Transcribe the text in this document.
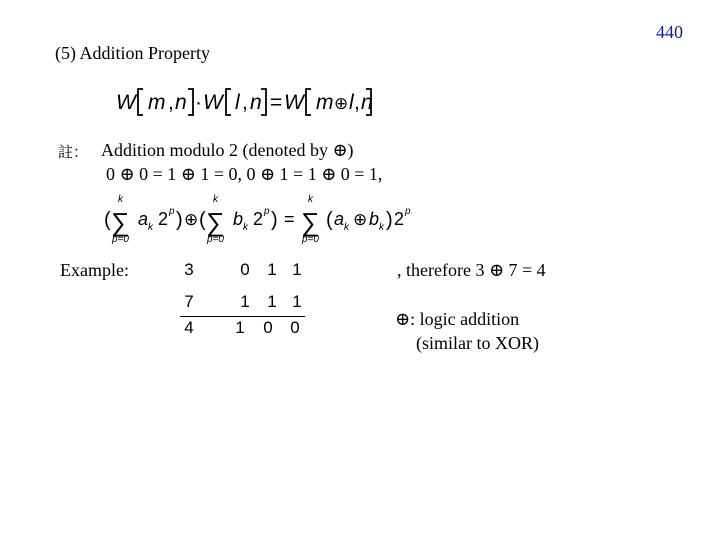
440
(5) Addition Property
W m , n · W l , n = W m ⊕ l , n
註： Addition modulo 2 (denoted by ⊕)
0 ⊕ 0 = 1 ⊕ 1 = 0, 0 ⊕ 1 = 1 ⊕ 0 = 1,
(
k
∑
p=0
a k 2 p ) ⊕ (
k
∑
p=0
b k 2 p ) =
k
∑
p=0
( a k ⊕ b k ) 2 p
Example:	3	0	1 1
7	1	1 1
4	1	0	0
, therefore 3 ⊕ 7 = 4
⊕: logic addition
(similar to XOR)
